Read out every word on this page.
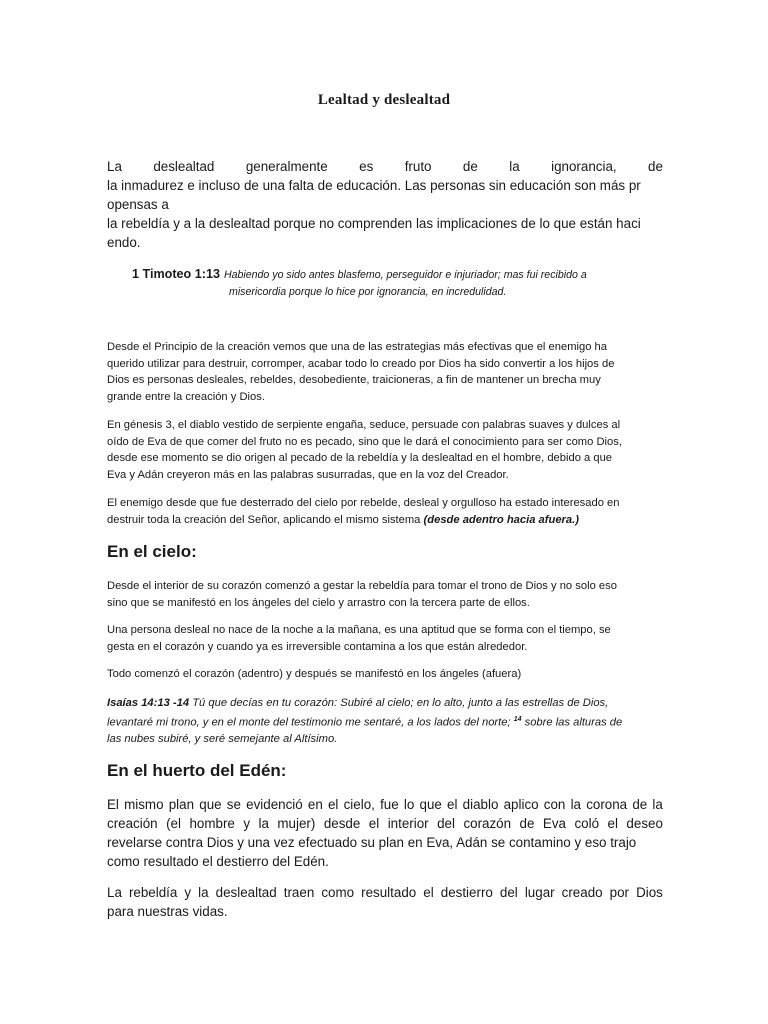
Lealtad y deslealtad
La deslealtad generalmente es fruto de la ignorancia, de
la inmadurez e incluso de una falta de educación. Las personas sin educación son más pr
opensas a
la rebeldía y a la deslealtad porque no comprenden las implicaciones de lo que están haci
endo.
1 Timoteo 1:13 Habiendo yo sido antes blasfemo, perseguidor e injuriador; mas fui recibido a
misericordia porque lo hice por ignorancia, en incredulidad.
Desde el Principio de la creación vemos que una de las estrategias más efectivas que el enemigo ha
querido utilizar para destruir, corromper, acabar todo lo creado por Dios ha sido convertir a los hijos de
Dios es personas desleales, rebeldes, desobediente, traicioneras, a fin de mantener un brecha muy
grande entre la creación y Dios.
En génesis 3, el diablo vestido de serpiente engaña, seduce, persuade con palabras suaves y dulces al
oído de Eva de que comer del fruto no es pecado, sino que le dará el conocimiento para ser como Dios,
desde ese momento se dio origen al pecado de la rebeldía y la deslealtad en el hombre, debido a que
Eva y Adán creyeron más en las palabras susurradas, que en la voz del Creador.
El enemigo desde que fue desterrado del cielo por rebelde, desleal y orgulloso ha estado interesado en
destruir toda la creación del Señor, aplicando el mismo sistema (desde adentro hacia afuera.)
En el cielo:
Desde el interior de su corazón comenzó a gestar la rebeldía para tomar el trono de Dios y no solo eso
sino que se manifestó en los ángeles del cielo y arrastro con la tercera parte de ellos.
Una persona desleal no nace de la noche a la mañana, es una aptitud que se forma con el tiempo, se
gesta en el corazón y cuando ya es irreversible contamina a los que están alrededor.
Todo comenzó el corazón (adentro) y después se manifestó en los ángeles (afuera)
Isaías 14:13 -14 Tú que decías en tu corazón: Subiré al cielo; en lo alto, junto a las estrellas de Dios,
levantaré mi trono, y en el monte del testimonio me sentaré, a los lados del norte; $^{14}$ sobre las alturas de
las nubes subiré, y seré semejante al Altísimo.
En el huerto del Edén:
El mismo plan que se evidenció en el cielo, fue lo que el diablo aplico con la corona de la
creación (el hombre y la mujer) desde el interior del corazón de Eva coló el deseo
revelarse contra Dios y una vez efectuado su plan en Eva, Adán se contamino y eso trajo
como resultado el destierro del Edén.
La rebeldía y la deslealtad traen como resultado el destierro del lugar creado por Dios
para nuestras vidas.
